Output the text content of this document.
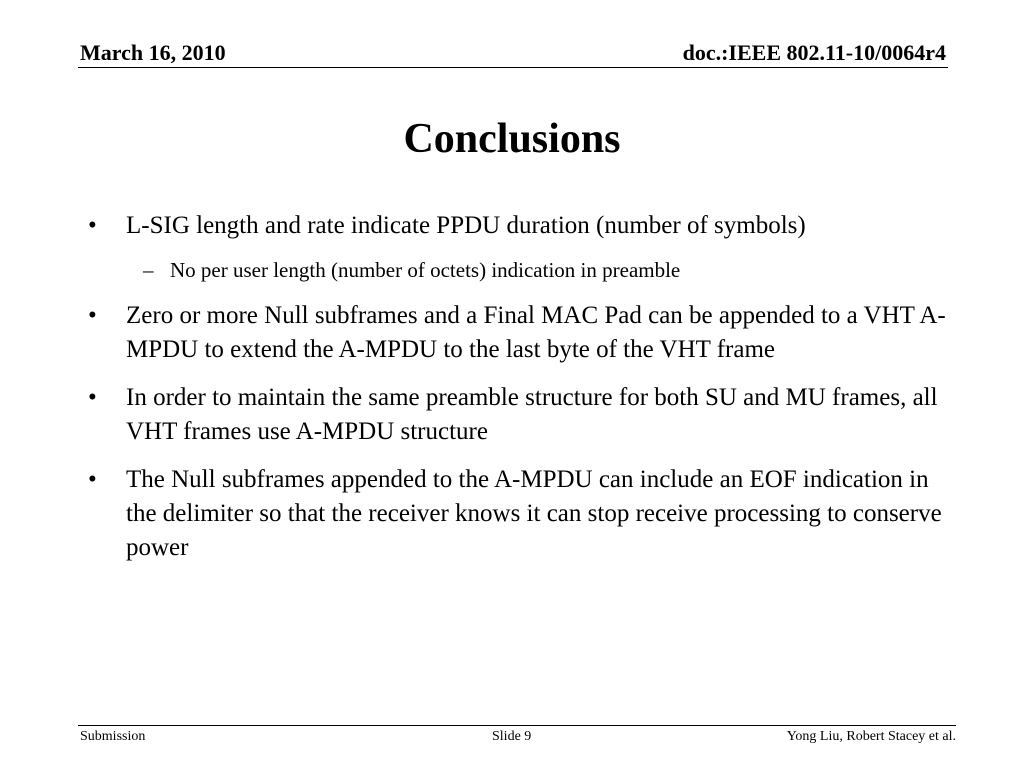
March 16, 2010	doc.:IEEE 802.11-10/0064r4
Conclusions
• L-SIG length and rate indicate PPDU duration (number of symbols)
– No per user length (number of octets) indication in preamble
• Zero or more Null subframes and a Final MAC Pad can be appended to a VHT A-MPDU to extend the A-MPDU to the last byte of the VHT frame
• In order to maintain the same preamble structure for both SU and MU frames, all VHT frames use A-MPDU structure
• The Null subframes appended to the A-MPDU can include an EOF indication in the delimiter so that the receiver knows it can stop receive processing to conserve power
Submission	Slide 9	Yong Liu, Robert Stacey et al.
